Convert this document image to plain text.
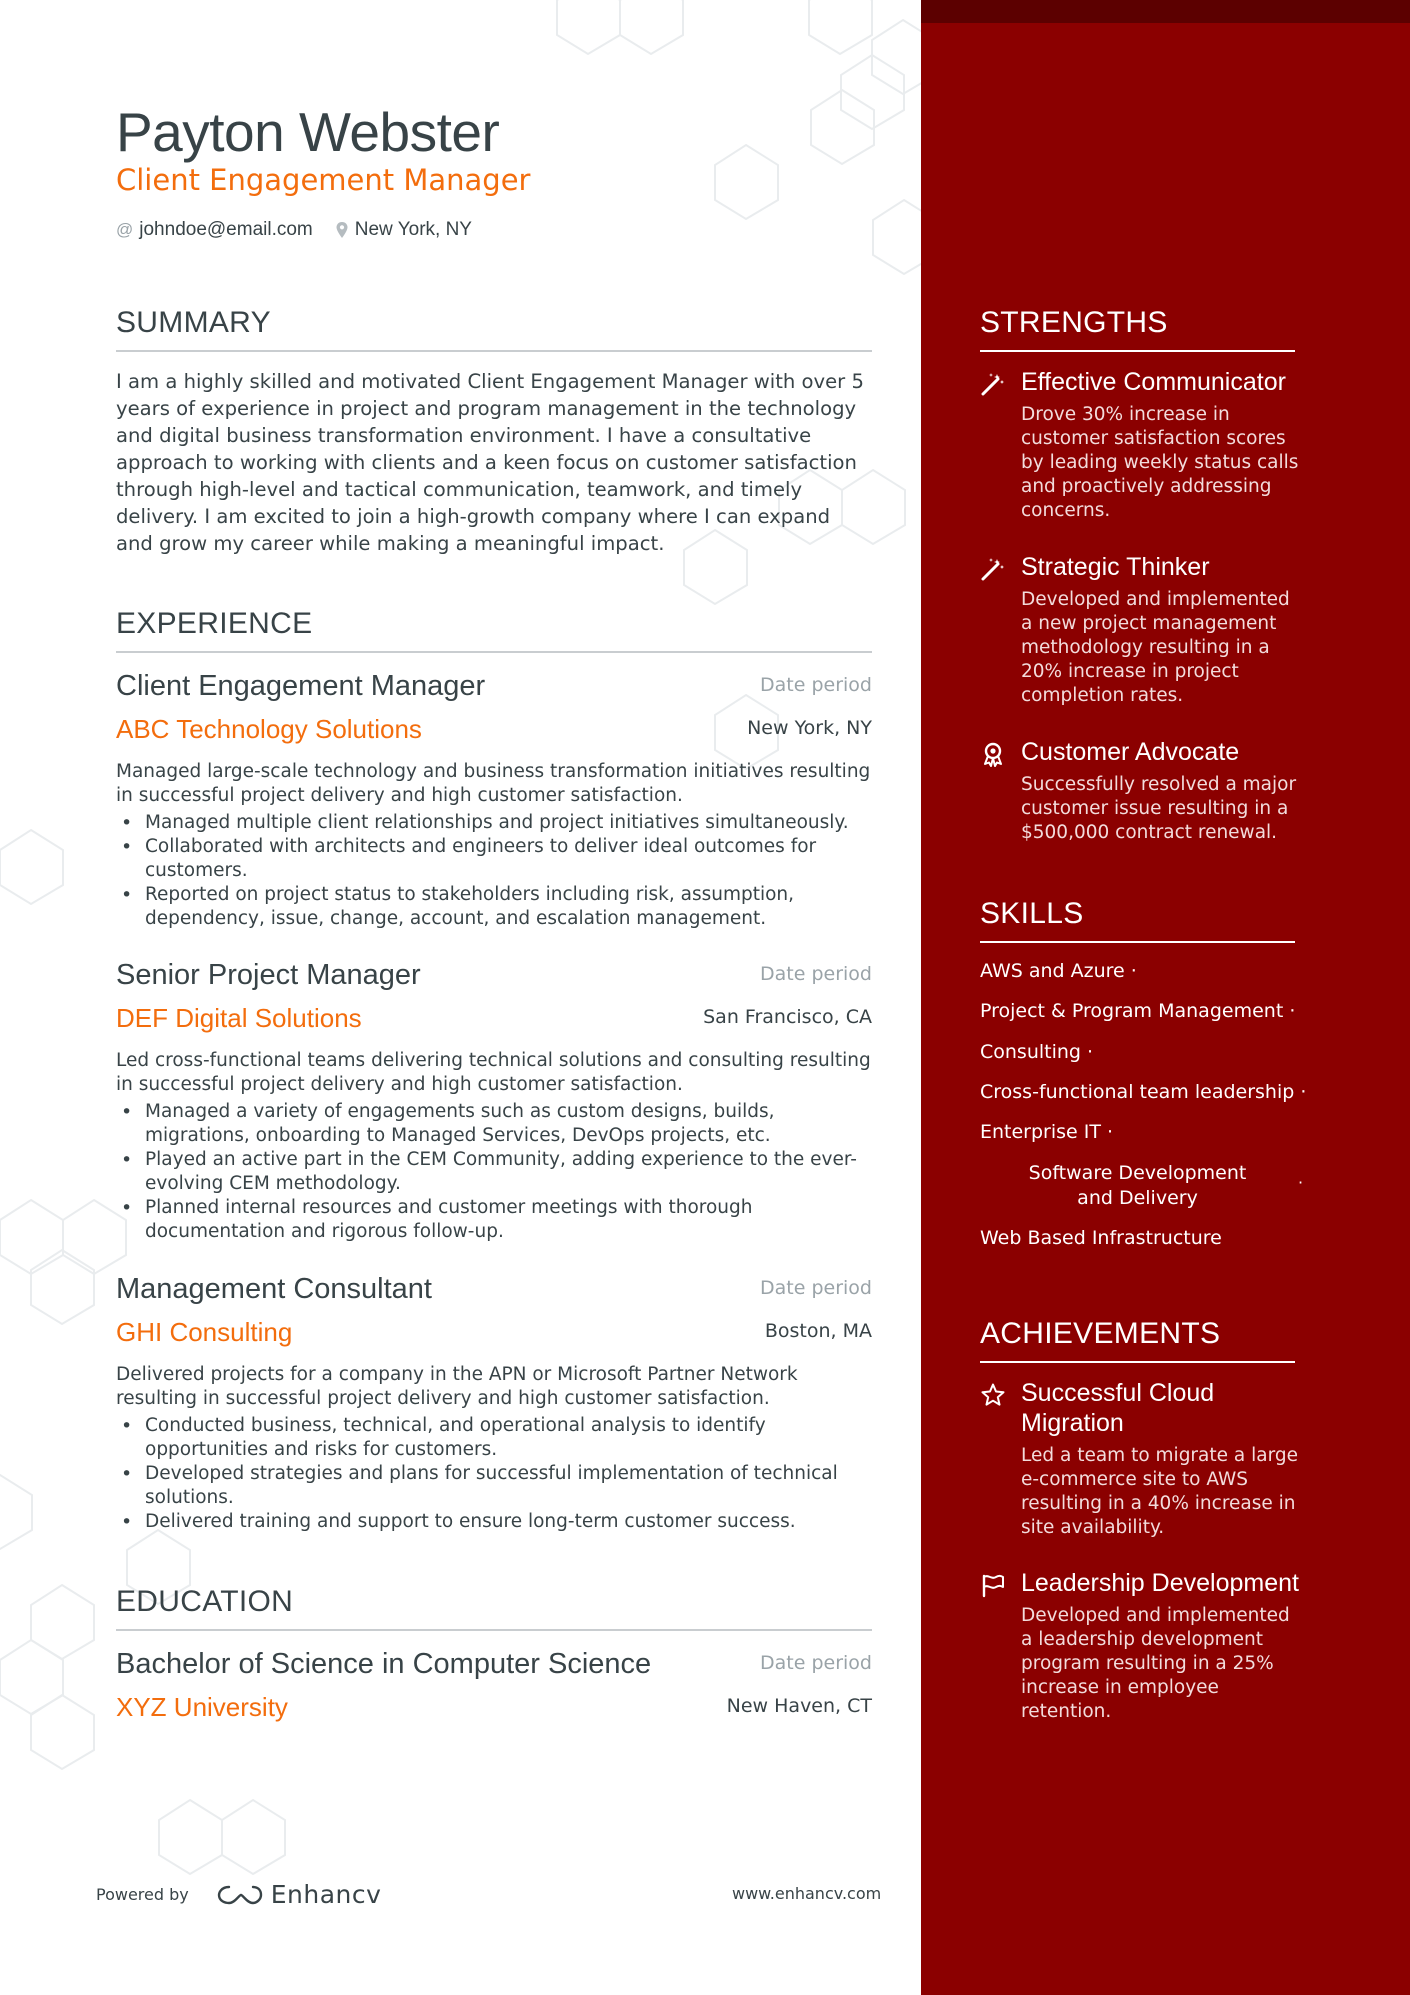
Payton Webster
Client Engagement Manager
@ johndoe@email.com New York, NY
SUMMARY
I am a highly skilled and motivated Client Engagement Manager with over 5 years of experience in project and program management in the technology and digital business transformation environment. I have a consultative approach to working with clients and a keen focus on customer satisfaction through high-level and tactical communication, teamwork, and timely delivery. I am excited to join a high-growth company where I can expand and grow my career while making a meaningful impact.
EXPERIENCE
Client Engagement Manager	Date period
ABC Technology Solutions	New York, NY
Managed large-scale technology and business transformation initiatives resulting in successful project delivery and high customer satisfaction.
• Managed multiple client relationships and project initiatives simultaneously.
• Collaborated with architects and engineers to deliver ideal outcomes for customers.
• Reported on project status to stakeholders including risk, assumption, dependency, issue, change, account, and escalation management.
Senior Project Manager	Date period
DEF Digital Solutions	San Francisco, CA
Led cross-functional teams delivering technical solutions and consulting resulting in successful project delivery and high customer satisfaction.
• Managed a variety of engagements such as custom designs, builds, migrations, onboarding to Managed Services, DevOps projects, etc.
• Played an active part in the CEM Community, adding experience to the ever-evolving CEM methodology.
• Planned internal resources and customer meetings with thorough documentation and rigorous follow-up.
Management Consultant	Date period
GHI Consulting	Boston, MA
Delivered projects for a company in the APN or Microsoft Partner Network resulting in successful project delivery and high customer satisfaction.
• Conducted business, technical, and operational analysis to identify opportunities and risks for customers.
• Developed strategies and plans for successful implementation of technical solutions.
• Delivered training and support to ensure long-term customer success.
EDUCATION
Bachelor of Science in Computer Science	Date period
XYZ University	New Haven, CT
Powered by	Enhancv	www.enhancv.com
STRENGTHS
Effective Communicator
Drove 30% increase in customer satisfaction scores by leading weekly status calls and proactively addressing concerns.
Strategic Thinker
Developed and implemented a new project management methodology resulting in a 20% increase in project completion rates.
Customer Advocate
Successfully resolved a major customer issue resulting in a $500,000 contract renewal.
SKILLS
AWS and Azure ·
Project & Program Management ·
Consulting ·
Cross-functional team leadership ·
Enterprise IT ·
Software Development and Delivery
·
Web Based Infrastructure
ACHIEVEMENTS
Successful Cloud Migration
Led a team to migrate a large e-commerce site to AWS resulting in a 40% increase in site availability.
Leadership Development
Developed and implemented a leadership development program resulting in a 25% increase in employee retention.
